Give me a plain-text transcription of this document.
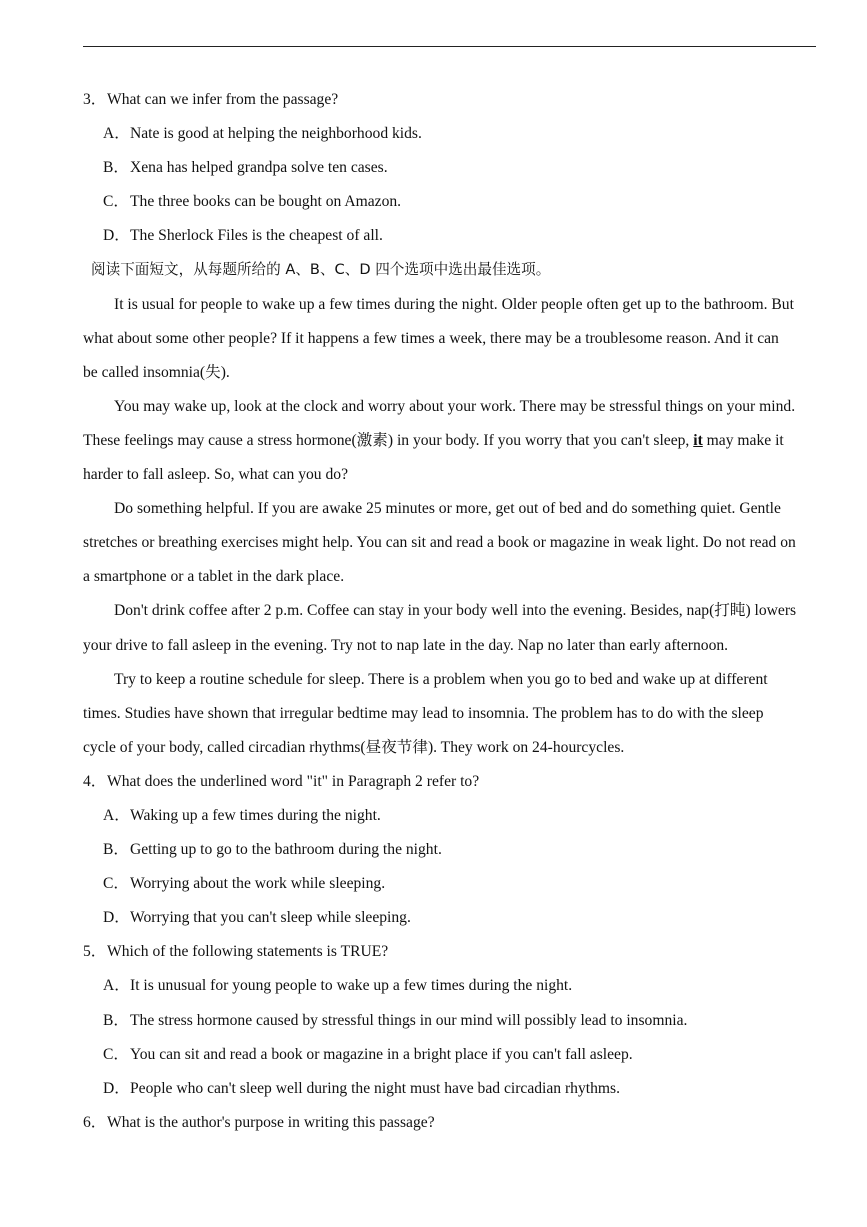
3．What can we infer from the passage?
A．Nate is good at helping the neighborhood kids.
B．Xena has helped grandpa solve ten cases.
C．The three books can be bought on Amazon.
D．The Sherlock Files is the cheapest of all.
阅读下面短文，从每题所给的 A、B、C、D 四个选项中选出最佳选项。
It is usual for people to wake up a few times during the night. Older people often get up to the bathroom. But
what about some other people? If it happens a few times a week, there may be a troublesome reason. And it can
be called insomnia(失).
You may wake up, look at the clock and worry about your work. There may be stressful things on your mind.
These feelings may cause a stress hormone(激素) in your body. If you worry that you can't sleep, it may make it
harder to fall asleep. So, what can you do?
Do something helpful. If you are awake 25 minutes or more, get out of bed and do something quiet. Gentle
stretches or breathing exercises might help. You can sit and read a book or magazine in weak light. Do not read on
a smartphone or a tablet in the dark place.
Don't drink coffee after 2 p.m. Coffee can stay in your body well into the evening. Besides, nap(打盹) lowers
your drive to fall asleep in the evening. Try not to nap late in the day. Nap no later than early afternoon.
Try to keep a routine schedule for sleep. There is a problem when you go to bed and wake up at different
times. Studies have shown that irregular bedtime may lead to insomnia. The problem has to do with the sleep
cycle of your body, called circadian rhythms(昼夜节律). They work on 24-hourcycles.
4．What does the underlined word "it" in Paragraph 2 refer to?
A．Waking up a few times during the night.
B．Getting up to go to the bathroom during the night.
C．Worrying about the work while sleeping.
D．Worrying that you can't sleep while sleeping.
5．Which of the following statements is TRUE?
A．It is unusual for young people to wake up a few times during the night.
B．The stress hormone caused by stressful things in our mind will possibly lead to insomnia.
C．You can sit and read a book or magazine in a bright place if you can't fall asleep.
D．People who can't sleep well during the night must have bad circadian rhythms.
6．What is the author's purpose in writing this passage?
